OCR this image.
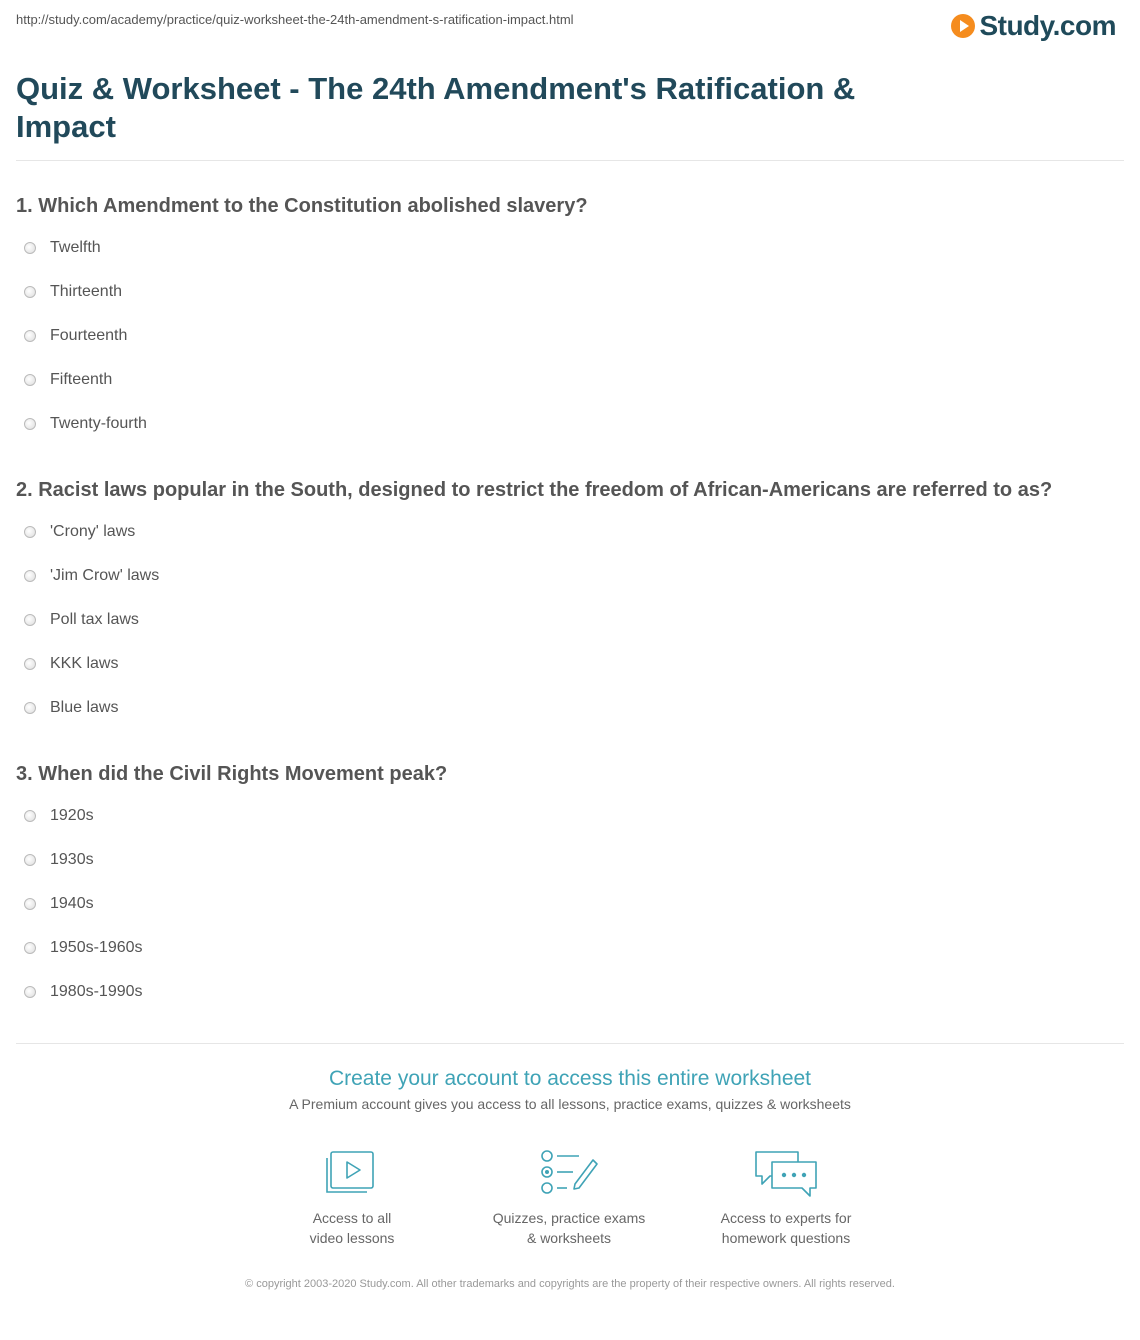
http://study.com/academy/practice/quiz-worksheet-the-24th-amendment-s-ratification-impact.html	Study.com
Quiz & Worksheet - The 24th Amendment's Ratification & Impact

1. Which Amendment to the Constitution abolished slavery?

Twelfth
Thirteenth
Fourteenth
Fifteenth
Twenty-fourth

2. Racist laws popular in the South, designed to restrict the freedom of African-Americans are referred to as?

'Crony' laws
'Jim Crow' laws
Poll tax laws
KKK laws
Blue laws

3. When did the Civil Rights Movement peak?

1920s
1930s
1940s
1950s-1960s
1980s-1990s
Create your account to access this entire worksheet
A Premium account gives you access to all lessons, practice exams, quizzes & worksheets
Access to all
video lessons
Quizzes, practice exams
& worksheets
Access to experts for
homework questions
© copyright 2003-2020 Study.com. All other trademarks and copyrights are the property of their respective owners. All rights reserved.
